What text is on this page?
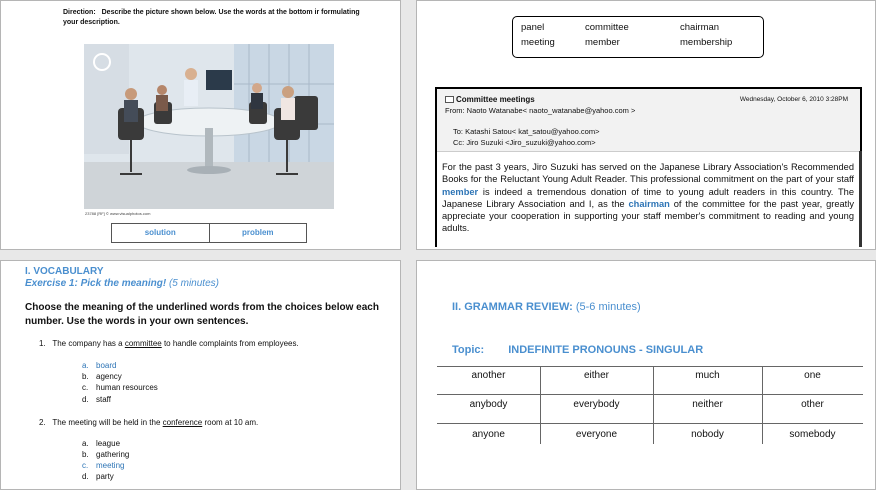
Direction: Describe the picture shown below. Use the words at the bottom ir formulating your description.
23788 [RF] © www.visualphotos.com
solution	problem
panel	committee	chairman
meeting	member	membership
Committee meetings	Wednesday, October 6, 2010 3:28PM
From: Naoto Watanabe< naoto_watanabe@yahoo.com >
To: Katashi Satou< kat_satou@yahoo.com>
Cc: Jiro Suzuki <Jiro_suzuki@yahoo.com>
For the past 3 years, Jiro Suzuki has served on the Japanese Library Association's Recommended Books for the Reluctant Young Adult Reader. This professional commitment on the part of your staff member is indeed a tremendous donation of time to young adult readers in this country. The Japanese Library Association and I, as the chairman of the committee for the past year, greatly appreciate your cooperation in supporting your staff member's commitment to reading and young adults.
I. VOCABULARY
Exercise 1: Pick the meaning! (5 minutes)
Choose the meaning of the underlined words from the choices below each number. Use the words in your own sentences.
1. The company has a committee to handle complaints from employees.
a. board
b. agency
c. human resources
d. staff
2. The meeting will be held in the conference room at 10 am.
a. league
b. gathering
c. meeting
d. party
II. GRAMMAR REVIEW: (5-6 minutes)
Topic: INDEFINITE PRONOUNS - SINGULAR
another	either	much	one
anybody	everybody	neither	other
anyone	everyone	nobody	somebody
